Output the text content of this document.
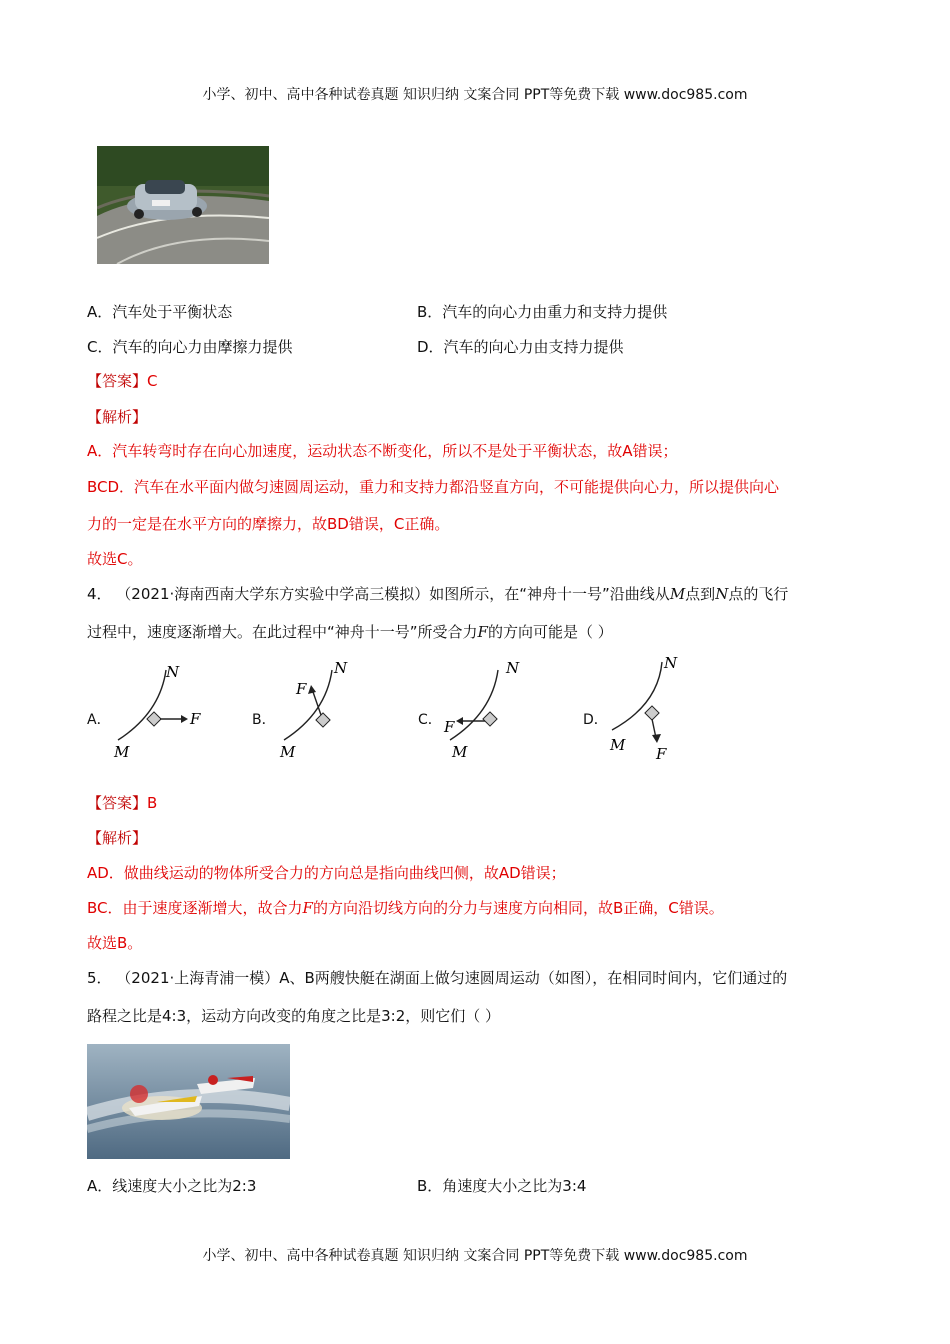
小学、初中、高中各种试卷真题 知识归纳 文案合同 PPT等免费下载 www.doc985.com
A．汽车处于平衡状态	B．汽车的向心力由重力和支持力提供
C．汽车的向心力由摩擦力提供	D．汽车的向心力由支持力提供
【答案】C
【解析】
A．汽车转弯时存在向心加速度，运动状态不断变化，所以不是处于平衡状态，故A错误；
BCD．汽车在水平面内做匀速圆周运动，重力和支持力都沿竖直方向，不可能提供向心力，所以提供向心
力的一定是在水平方向的摩擦力，故BD错误，C正确。
故选C。
4． （2021·海南西南大学东方实验中学高三模拟）如图所示，在“神舟十一号”沿曲线从M点到N点的飞行
过程中，速度逐渐增大。在此过程中“神舟十一号”所受合力F的方向可能是（ ）
A．
N
F
M
B．
F
N
M
C． F
N
M
D．
N
M F
【答案】B
【解析】
AD．做曲线运动的物体所受合力的方向总是指向曲线凹侧，故AD错误；
BC．由于速度逐渐增大，故合力F的方向沿切线方向的分力与速度方向相同，故B正确，C错误。
故选B。
5． （2021·上海青浦一模）A、B两艘快艇在湖面上做匀速圆周运动（如图），在相同时间内，它们通过的
路程之比是4:3，运动方向改变的角度之比是3:2，则它们（ ）
A．线速度大小之比为2:3	B．角速度大小之比为3:4
小学、初中、高中各种试卷真题 知识归纳 文案合同 PPT等免费下载 www.doc985.com
